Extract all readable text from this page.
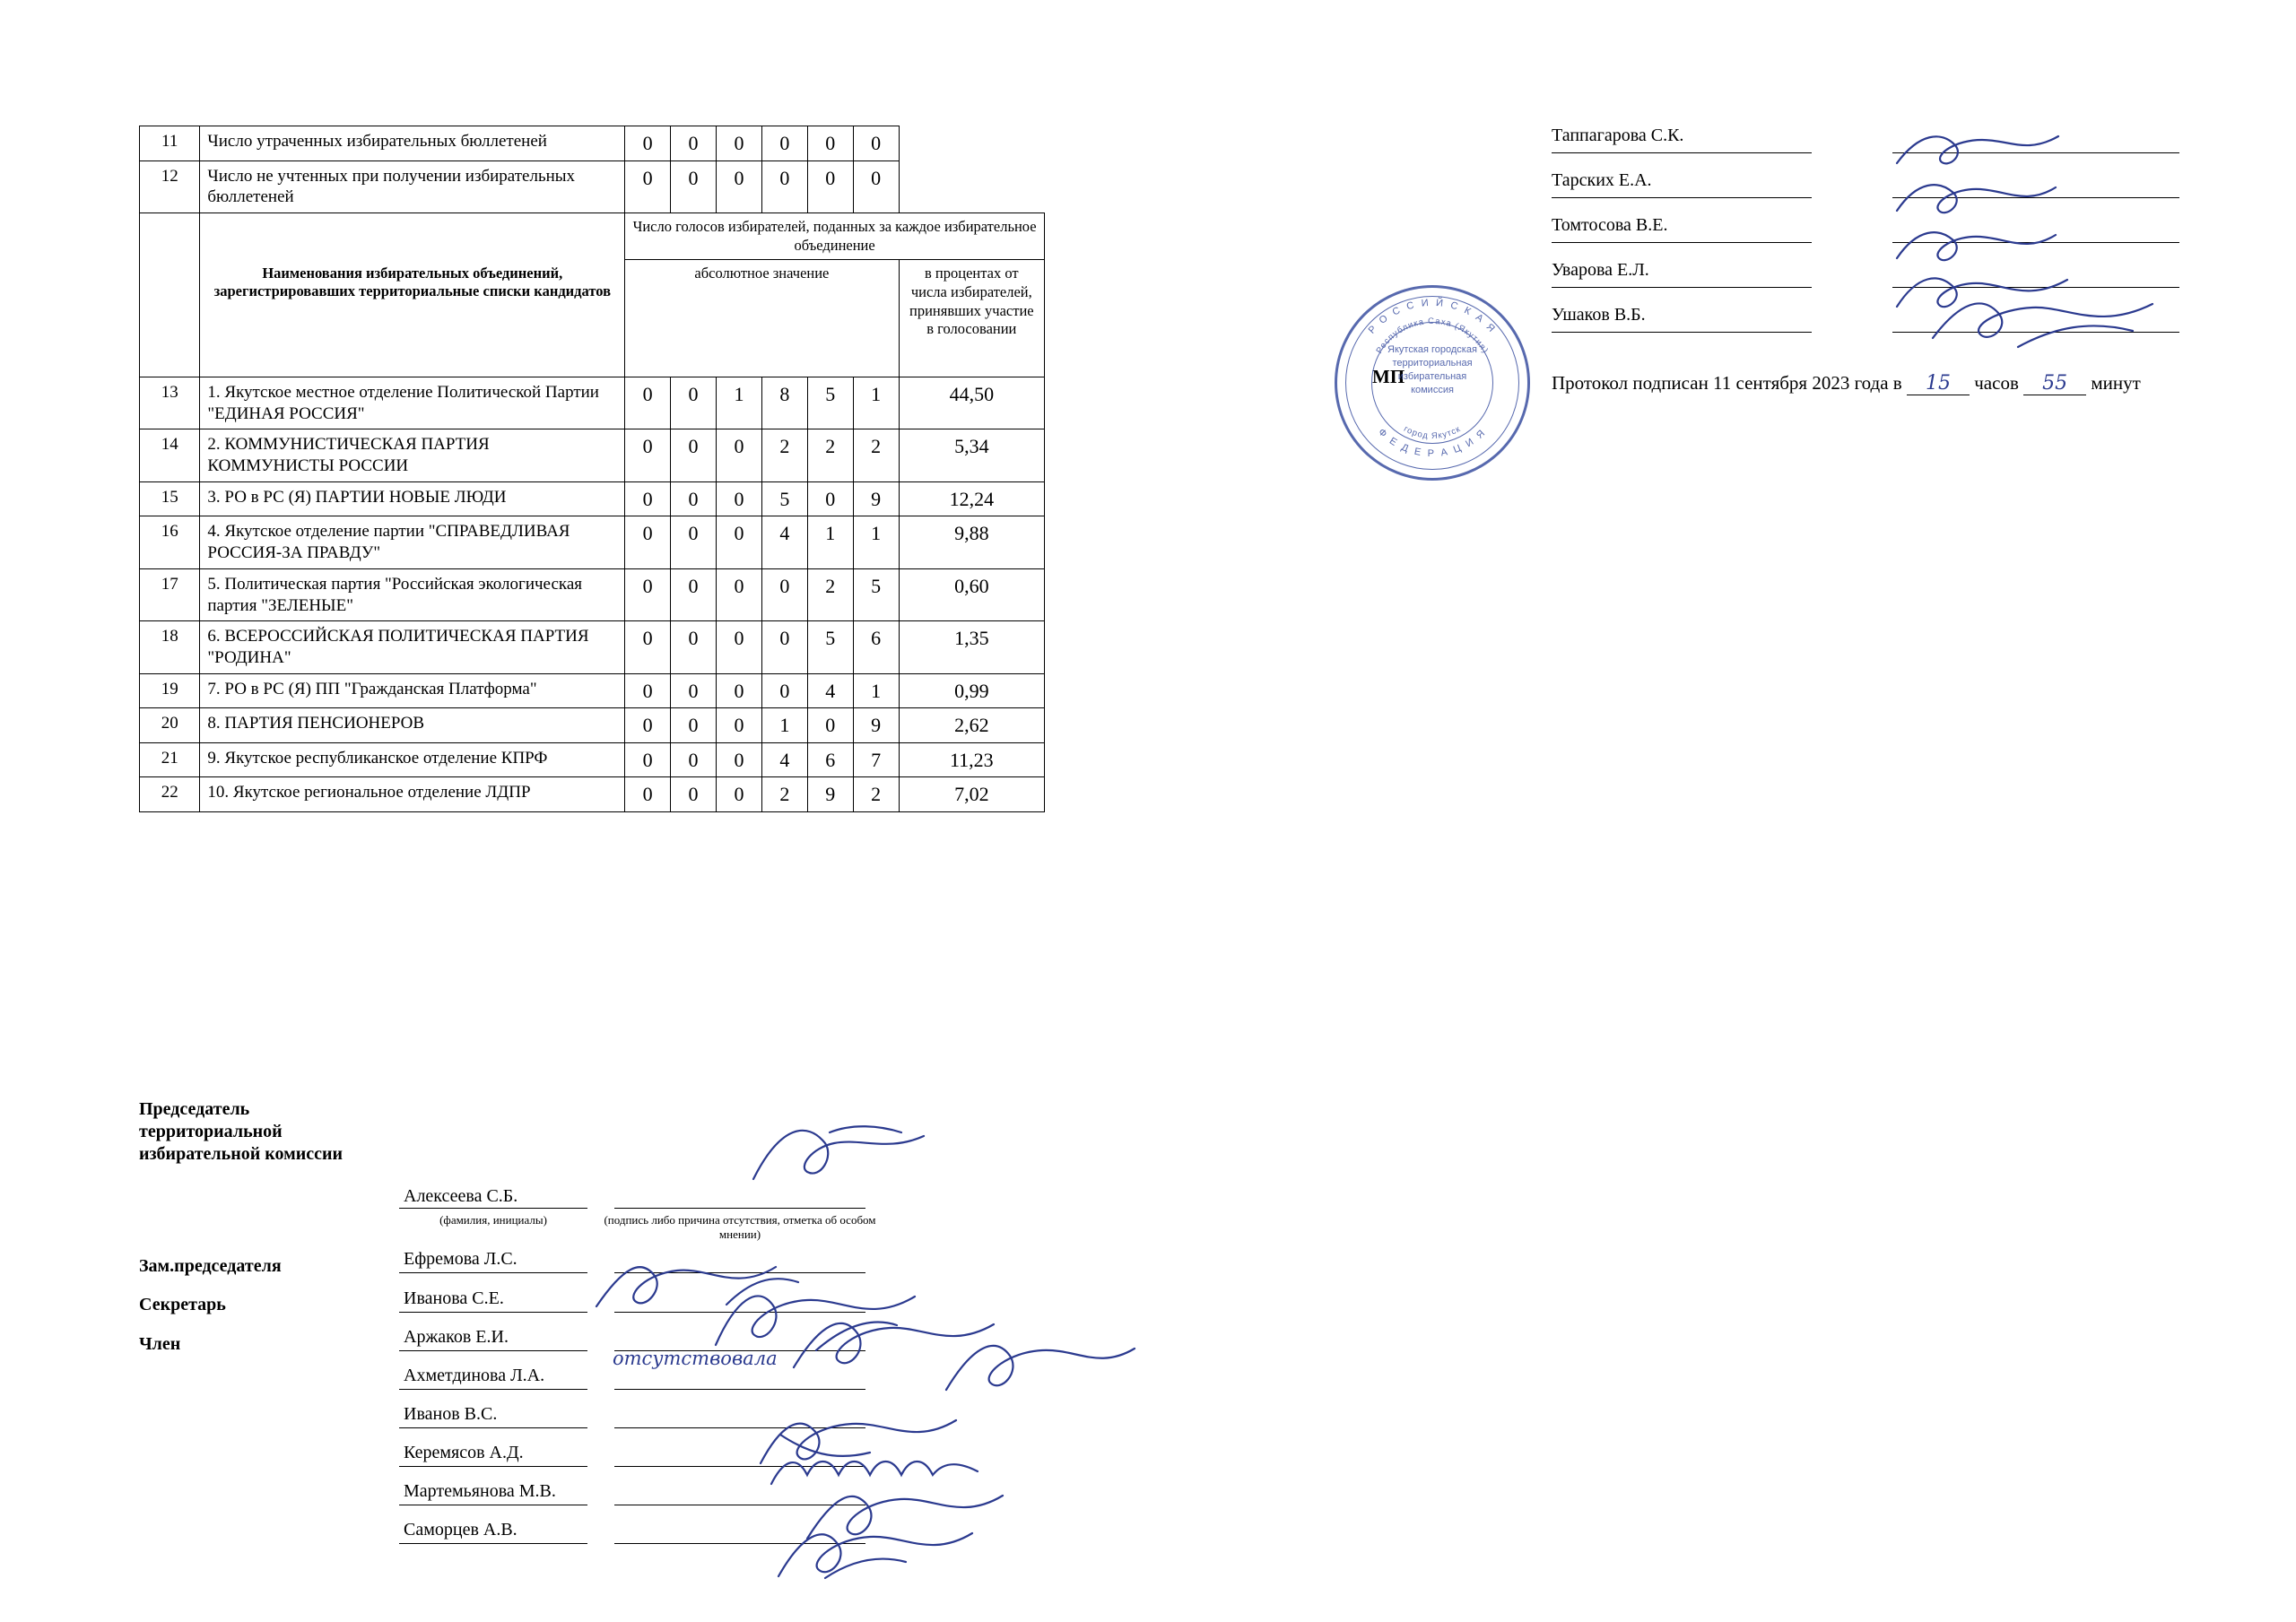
11	Число утраченных избирательных бюллетеней	0	0	0	0	0	0	
12	Число не учтенных при получении избирательных бюллетеней	0	0	0	0	0	0	
		Число голосов избирателей, поданных за каждое избирательное объединение						
	Наименования избирательных объединений, зарегистрировавших территориальные списки кандидатов	абсолютное значение						в процентах от числа избирателей, принявших участие в голосовании
13	1. Якутское местное отделение Политической Партии "ЕДИНАЯ РОССИЯ"	0	0	1	8	5	1	44,50
14	2. КОММУНИСТИЧЕСКАЯ ПАРТИЯ КОММУНИСТЫ РОССИИ	0	0	0	2	2	2	5,34
15	3. РО в РС (Я) ПАРТИИ НОВЫЕ ЛЮДИ	0	0	0	5	0	9	12,24
16	4. Якутское отделение партии "СПРАВЕДЛИВАЯ РОССИЯ-ЗА ПРАВДУ"	0	0	0	4	1	1	9,88
17	5. Политическая партия "Российская экологическая партия "ЗЕЛЕНЫЕ"	0	0	0	0	2	5	0,60
18	6. ВСЕРОССИЙСКАЯ ПОЛИТИЧЕСКАЯ ПАРТИЯ "РОДИНА"	0	0	0	0	5	6	1,35
19	7. РО в РС (Я) ПП "Гражданская Платформа"	0	0	0	0	4	1	0,99
20	8. ПАРТИЯ ПЕНСИОНЕРОВ	0	0	0	1	0	9	2,62
21	9. Якутское республиканское отделение КПРФ	0	0	0	4	6	7	11,23
22	10. Якутское региональное отделение ЛДПР	0	0	0	2	9	2	7,02
Председатель территориальной избирательной комиссии
Зам.председателя
Секретарь
Член
Алексеева С.Б.
(фамилия, инициалы)	(подпись либо причина отсутствия, отметка об особом мнении)
Ефремова Л.С.
Иванова С.Е.
Аржаков Е.И.
Ахметдинова Л.А.
отсутствовала
Иванов В.С.
Керемясов А.Д.
Мартемьянова М.В.
Саморцев А.В.
Таппагарова С.К.
Тарских Е.А.
Томтосова В.Е.
Уварова Е.Л.
Ушаков В.Б.
МП	Протокол подписан 11 сентября 2023 года в 15 часов 55 минут
Р О С С И Й С К А Я
Ф Е Д Е Р А Ц И Я
Республика Саха (Якутия)
город Якутск
Якутская городская территориальная избирательная комиссия
